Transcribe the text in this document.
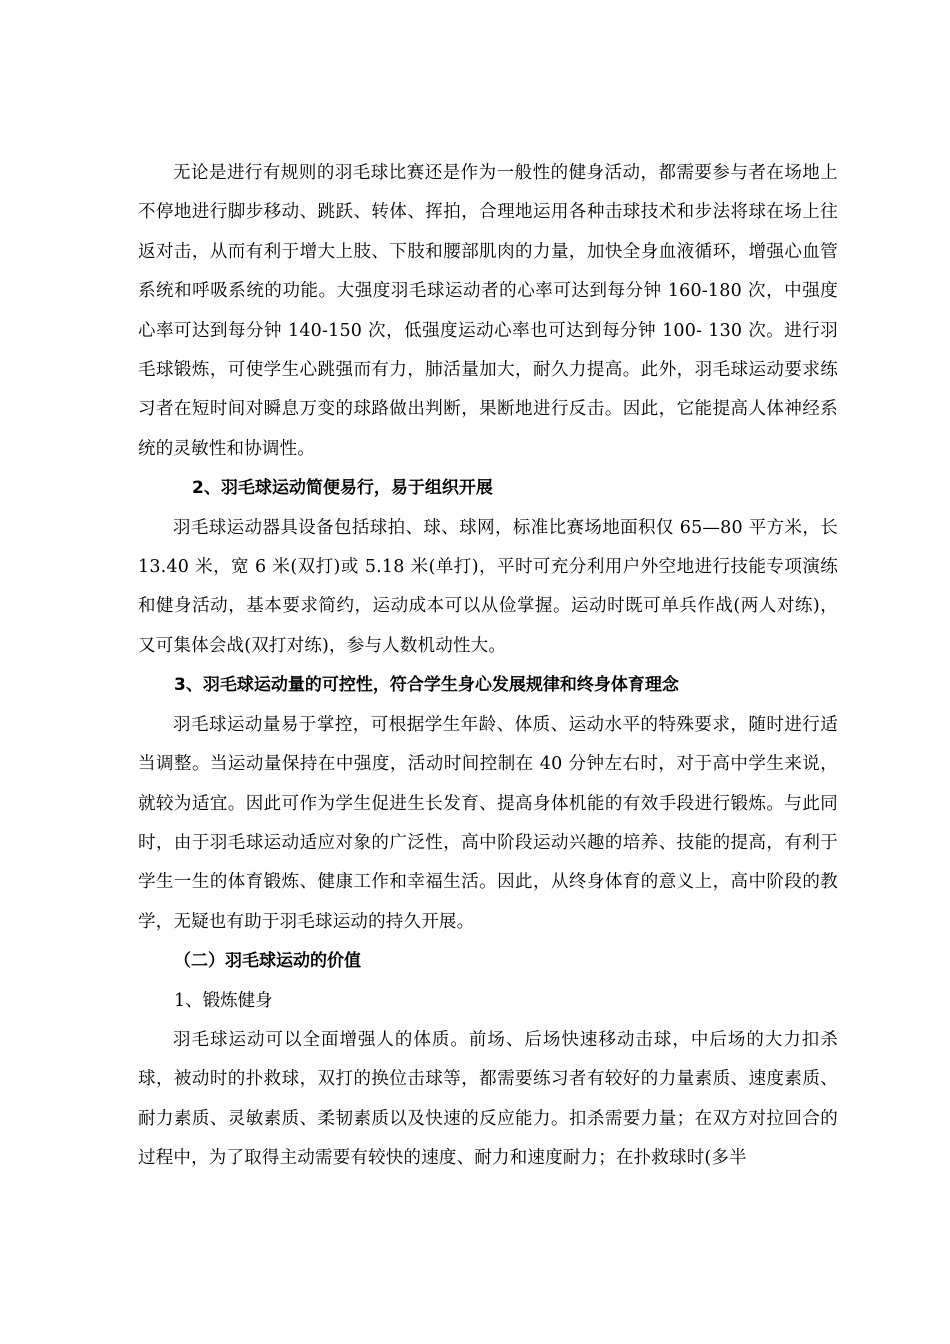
无论是进行有规则的羽毛球比赛还是作为一般性的健身活动，都需要参与者在场地上不停地进行脚步移动、跳跃、转体、挥拍，合理地运用各种击球技术和步法将球在场上往返对击，从而有利于增大上肢、下肢和腰部肌肉的力量，加快全身血液循环，增强心血管系统和呼吸系统的功能。大强度羽毛球运动者的心率可达到每分钟 160-180 次，中强度心率可达到每分钟 140-150 次，低强度运动心率也可达到每分钟 100- 130 次。进行羽毛球锻炼，可使学生心跳强而有力，肺活量加大，耐久力提高。此外，羽毛球运动要求练习者在短时间对瞬息万变的球路做出判断，果断地进行反击。因此，它能提高人体神经系统的灵敏性和协调性。

2、羽毛球运动简便易行，易于组织开展

羽毛球运动器具设备包括球拍、球、球网，标准比赛场地面积仅 65—80 平方米，长 13.40 米，宽 6 米(双打)或 5.18 米(单打)，平时可充分利用户外空地进行技能专项演练和健身活动，基本要求简约，运动成本可以从俭掌握。运动时既可单兵作战(两人对练)，又可集体会战(双打对练)，参与人数机动性大。

3、羽毛球运动量的可控性，符合学生身心发展规律和终身体育理念

羽毛球运动量易于掌控，可根据学生年龄、体质、运动水平的特殊要求，随时进行适当调整。当运动量保持在中强度，活动时间控制在 40 分钟左右时，对于高中学生来说，就较为适宜。因此可作为学生促进生长发育、提高身体机能的有效手段进行锻炼。与此同时，由于羽毛球运动适应对象的广泛性，高中阶段运动兴趣的培养、技能的提高，有利于学生一生的体育锻炼、健康工作和幸福生活。因此，从终身体育的意义上，高中阶段的教学，无疑也有助于羽毛球运动的持久开展。

（二）羽毛球运动的价值

1、锻炼健身

羽毛球运动可以全面增强人的体质。前场、后场快速移动击球，中后场的大力扣杀球，被动时的扑救球，双打的换位击球等，都需要练习者有较好的力量素质、速度素质、耐力素质、灵敏素质、柔韧素质以及快速的反应能力。扣杀需要力量；在双方对拉回合的过程中，为了取得主动需要有较快的速度、耐力和速度耐力；在扑救球时(多半
